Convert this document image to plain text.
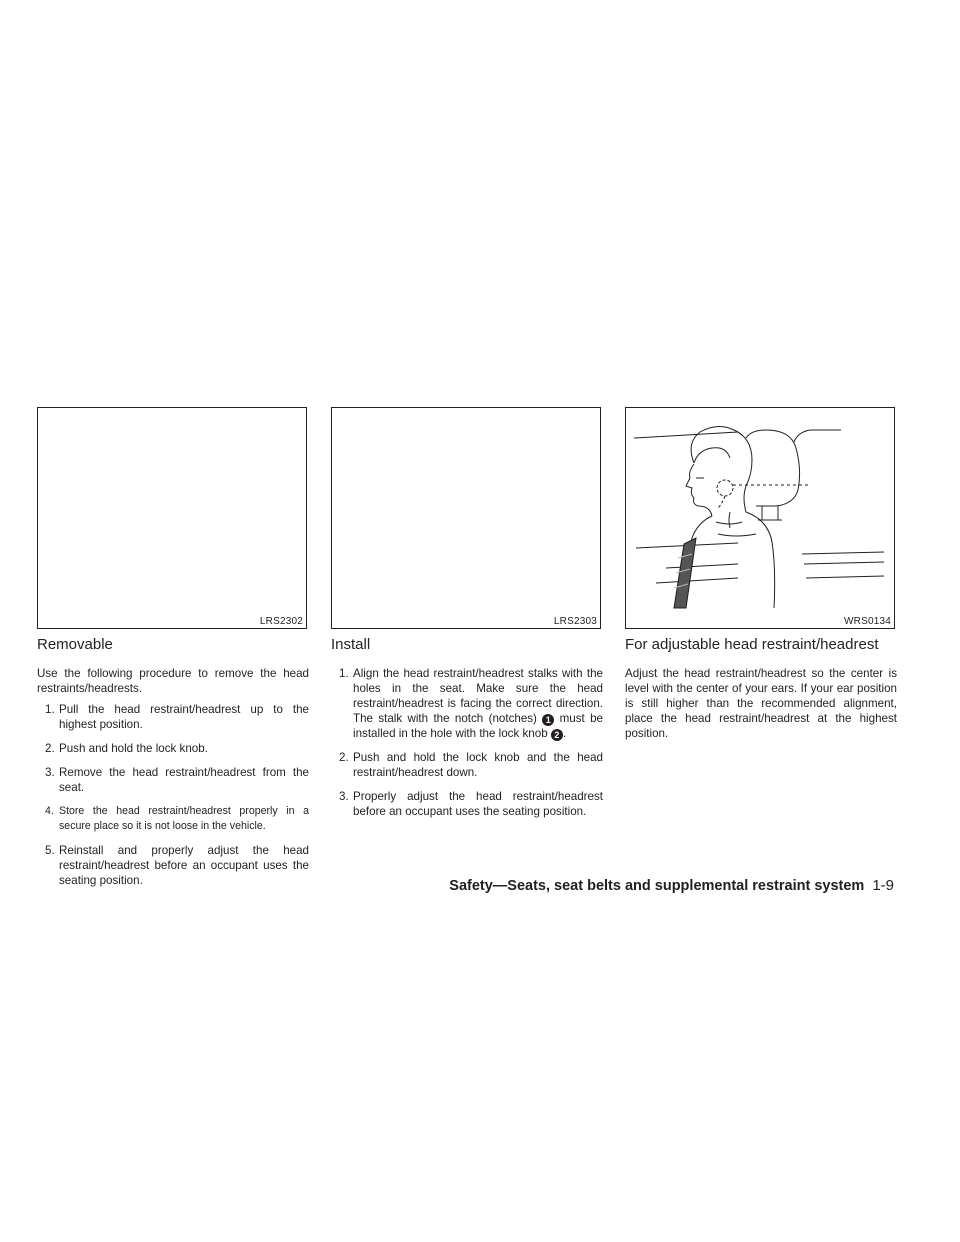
LRS2302	LRS2303	WRS0134
Removable

Use the following procedure to remove the head restraints/headrests.

1. Pull the head restraint/headrest up to the highest position.
2. Push and hold the lock knob.
3. Remove the head restraint/headrest from the seat.
4. Store the head restraint/headrest properly in a secure place so it is not loose in the vehicle.
5. Reinstall and properly adjust the head restraint/headrest before an occupant uses the seating position.
Install
1. Align the head restraint/headrest stalks with the holes in the seat. Make sure the head restraint/headrest is facing the correct direction. The stalk with the notch (notches) 1 must be installed in the hole with the lock knob 2 .
2. Push and hold the lock knob and the head restraint/headrest down.
3. Properly adjust the head restraint/headrest before an occupant uses the seating position.
For adjustable head restraint/headrest

Adjust the head restraint/headrest so the center is level with the center of your ears. If your ear position is still higher than the recommended alignment, place the head restraint/headrest at the highest position.

Safety—Seats, seat belts and supplemental restraint system 1-9
